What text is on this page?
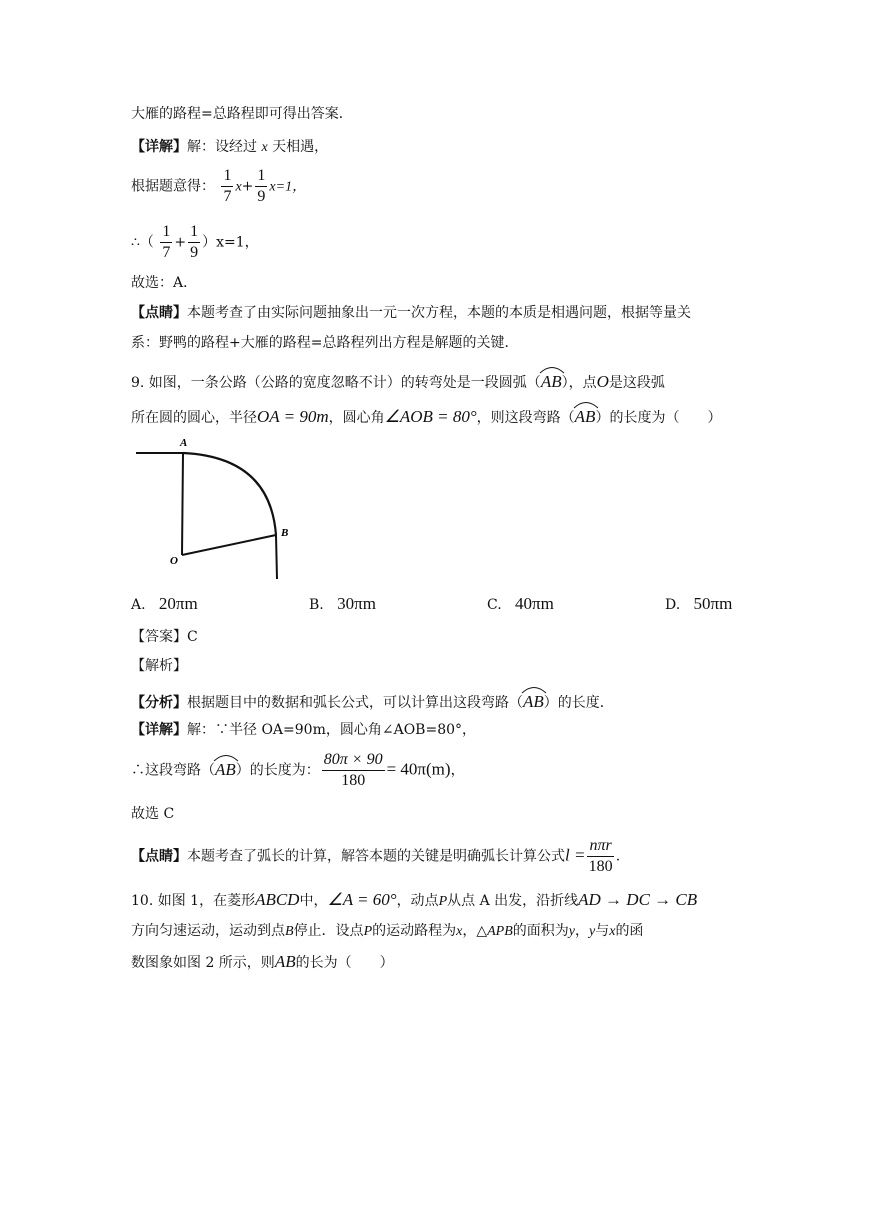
大雁的路程=总路程即可得出答案．
【详解】解：设经过 x 天相遇，
根据题意得： $\frac{1}{7} x+ \frac{1}{9} x=1$，
∴（ $\frac{1}{7} + \frac{1}{9} )x=1$，
故选：A．
【点睛】本题考查了由实际问题抽象出一元一次方程，本题的本质是相遇问题，根据等量关
系：野鸭的路程+大雁的路程=总路程列出方程是解题的关键．
9. 如图，一条公路（公路的宽度忽略不计）的转弯处是一段圆弧（
AB），点O是这段弧
所在圆的圆心，半径OA = 90m，圆心角∠AOB = 80°，则这段弯路（
AB）的长度为（　　）
A
B
O
A. 20πm	B. 30πm	C. 40πm	D. 50πm
【答案】C
【解析】
【分析】根据题目中的数据和弧长公式，可以计算出这段弯路（
AB）的长度．
【详解】解：∵半径 OA=90m，圆心角∠AOB=80°，
∴这段弯路（
AB）的长度为： $\frac{80\pi \times 90}{180} = 40\pi(m)$，
故选 C
【点睛】本题考查了弧长的计算，解答本题的关键是明确弧长计算公式$l = \frac{\text{nπr}}{180}$ .
10. 如图 1，在菱形ABCD中，∠A = 60°，动点P从点 A 出发，沿折线AD → DC → CB
方向匀速运动，运动到点B停止．设点P的运动路程为x，△APB的面积为y，y与x的函
数图象如图 2 所示，则AB的长为（　　）
